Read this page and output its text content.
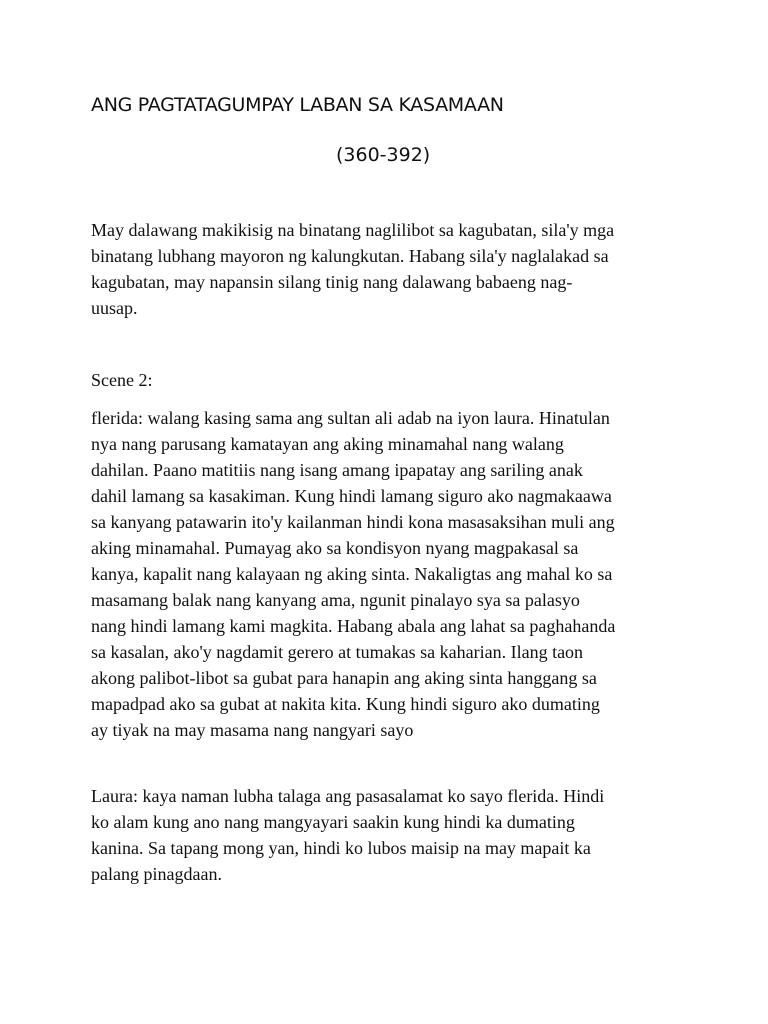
ANG PAGTATAGUMPAY LABAN SA KASAMAAN
(360-392)

May dalawang makikisig na binatang naglilibot sa kagubatan, sila'y mga
binatang lubhang mayoron ng kalungkutan. Habang sila'y naglalakad sa
kagubatan, may napansin silang tinig nang dalawang babaeng nag-
uusap.

Scene 2:

flerida: walang kasing sama ang sultan ali adab na iyon laura. Hinatulan
nya nang parusang kamatayan ang aking minamahal nang walang
dahilan. Paano matitiis nang isang amang ipapatay ang sariling anak
dahil lamang sa kasakiman. Kung hindi lamang siguro ako nagmakaawa
sa kanyang patawarin ito'y kailanman hindi kona masasaksihan muli ang
aking minamahal. Pumayag ako sa kondisyon nyang magpakasal sa
kanya, kapalit nang kalayaan ng aking sinta. Nakaligtas ang mahal ko sa
masamang balak nang kanyang ama, ngunit pinalayo sya sa palasyo
nang hindi lamang kami magkita. Habang abala ang lahat sa paghahanda
sa kasalan, ako'y nagdamit gerero at tumakas sa kaharian. Ilang taon
akong palibot-libot sa gubat para hanapin ang aking sinta hanggang sa
mapadpad ako sa gubat at nakita kita. Kung hindi siguro ako dumating
ay tiyak na may masama nang nangyari sayo

Laura: kaya naman lubha talaga ang pasasalamat ko sayo flerida. Hindi
ko alam kung ano nang mangyayari saakin kung hindi ka dumating
kanina. Sa tapang mong yan, hindi ko lubos maisip na may mapait ka
palang pinagdaan.
